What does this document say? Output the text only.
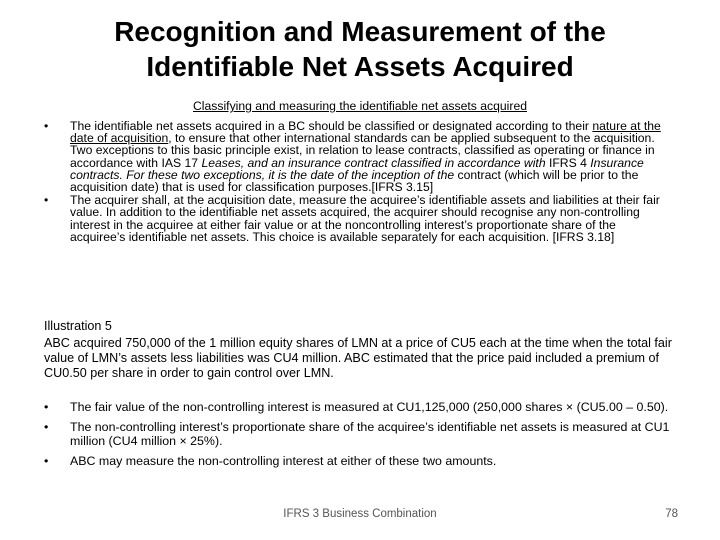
Recognition and Measurement of the
Identifiable Net Assets Acquired
Classifying and measuring the identifiable net assets acquired
• The identifiable net assets acquired in a BC should be classified or designated according to their nature at the date of acquisition, to ensure that other international standards can be applied subsequent to the acquisition. Two exceptions to this basic principle exist, in relation to lease contracts, classified as operating or finance in accordance with IAS 17 Leases, and an insurance contract classified in accordance with IFRS 4 Insurance contracts. For these two exceptions, it is the date of the inception of the contract (which will be prior to the acquisition date) that is used for classification purposes.[IFRS 3.15]
• The acquirer shall, at the acquisition date, measure the acquiree’s identifiable assets and liabilities at their fair value. In addition to the identifiable net assets acquired, the acquirer should recognise any non-controlling interest in the acquiree at either fair value or at the noncontrolling interest’s proportionate share of the acquiree’s identifiable net assets. This choice is available separately for each acquisition. [IFRS 3.18]
Illustration 5
ABC acquired 750,000 of the 1 million equity shares of LMN at a price of CU5 each at the time when the total fair value of LMN’s assets less liabilities was CU4 million. ABC estimated that the price paid included a premium of CU0.50 per share in order to gain control over LMN.
• The fair value of the non-controlling interest is measured at CU1,125,000 (250,000 shares × (CU5.00 – 0.50).
• The non-controlling interest’s proportionate share of the acquiree’s identifiable net assets is measured at CU1 million (CU4 million × 25%).
• ABC may measure the non-controlling interest at either of these two amounts.
IFRS 3 Business Combination	78
